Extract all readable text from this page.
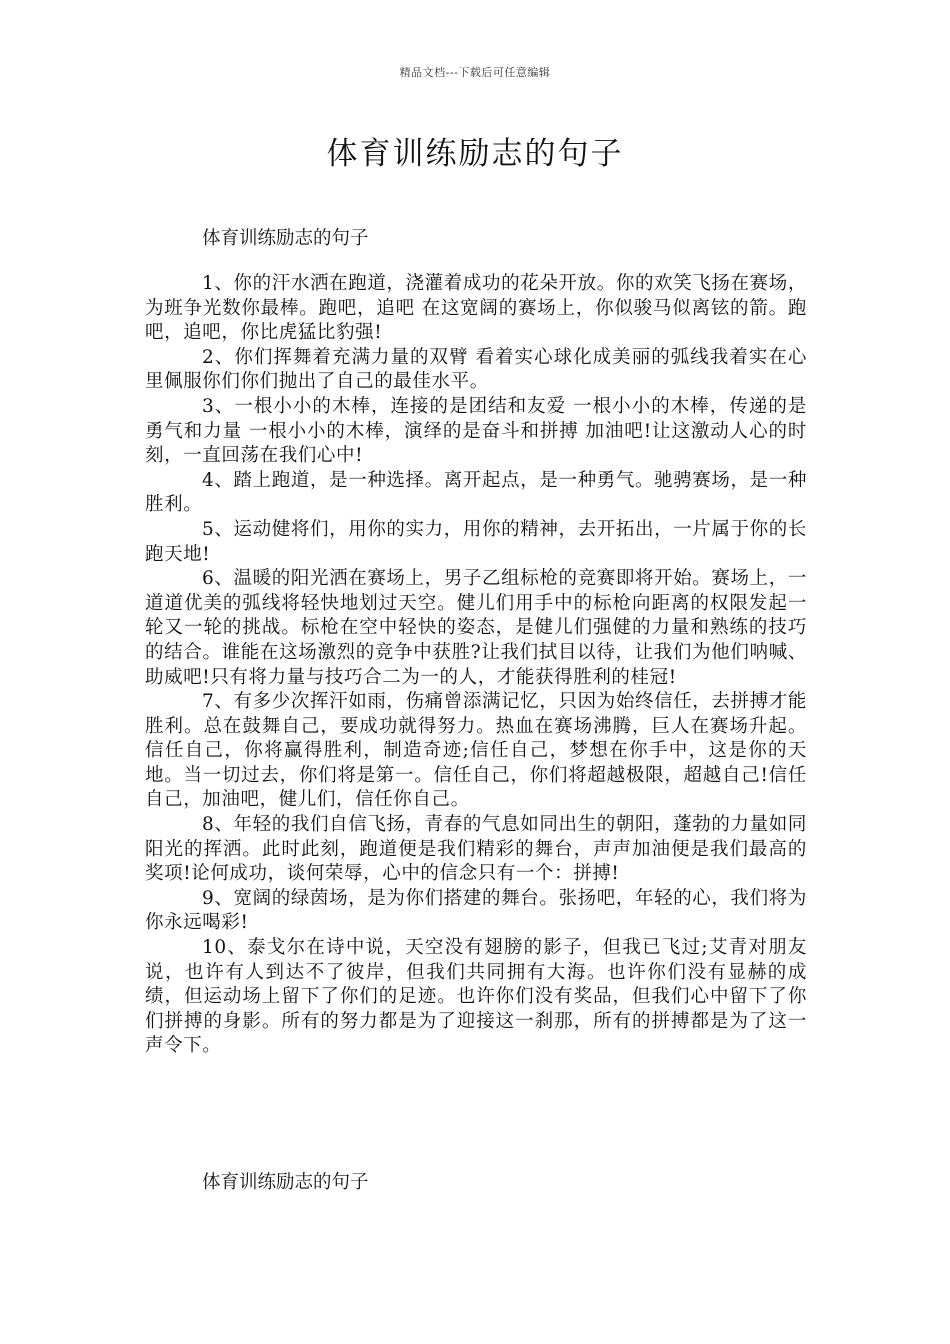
精品文档---下载后可任意编辑
体育训练励志的句子
体育训练励志的句子

1、你的汗水洒在跑道，浇灌着成功的花朵开放。你的欢笑飞扬在赛场，为班争光数你最棒。跑吧，追吧 在这宽阔的赛场上，你似骏马似离铉的箭。跑吧，追吧，你比虎猛比豹强!

2、你们挥舞着充满力量的双臂 看着实心球化成美丽的弧线我着实在心里佩服你们你们抛出了自己的最佳水平。

3、一根小小的木棒，连接的是团结和友爱 一根小小的木棒，传递的是勇气和力量 一根小小的木棒，演绎的是奋斗和拼搏 加油吧!让这激动人心的时刻，一直回荡在我们心中!

4、踏上跑道，是一种选择。离开起点，是一种勇气。驰骋赛场，是一种胜利。

5、运动健将们，用你的实力，用你的精神，去开拓出，一片属于你的长跑天地!

6、温暖的阳光洒在赛场上，男子乙组标枪的竞赛即将开始。赛场上，一道道优美的弧线将轻快地划过天空。健儿们用手中的标枪向距离的权限发起一轮又一轮的挑战。标枪在空中轻快的姿态，是健儿们强健的力量和熟练的技巧的结合。谁能在这场激烈的竞争中获胜?让我们拭目以待，让我们为他们呐喊、助威吧!只有将力量与技巧合二为一的人，才能获得胜利的桂冠!

7、有多少次挥汗如雨，伤痛曾添满记忆，只因为始终信任，去拼搏才能胜利。总在鼓舞自己，要成功就得努力。热血在赛场沸腾，巨人在赛场升起。信任自己，你将赢得胜利，制造奇迹;信任自己，梦想在你手中，这是你的天地。当一切过去，你们将是第一。信任自己，你们将超越极限，超越自己!信任自己，加油吧，健儿们，信任你自己。

8、年轻的我们自信飞扬，青春的气息如同出生的朝阳，蓬勃的力量如同阳光的挥洒。此时此刻，跑道便是我们精彩的舞台，声声加油便是我们最高的奖项!论何成功，谈何荣辱，心中的信念只有一个：拼搏!

9、宽阔的绿茵场，是为你们搭建的舞台。张扬吧，年轻的心，我们将为你永远喝彩!

10、泰戈尔在诗中说，天空没有翅膀的影子，但我已飞过;艾青对朋友说，也许有人到达不了彼岸，但我们共同拥有大海。也许你们没有显赫的成绩，但运动场上留下了你们的足迹。也许你们没有奖品，但我们心中留下了你们拼搏的身影。所有的努力都是为了迎接这一刹那，所有的拼搏都是为了这一声令下。

体育训练励志的句子
